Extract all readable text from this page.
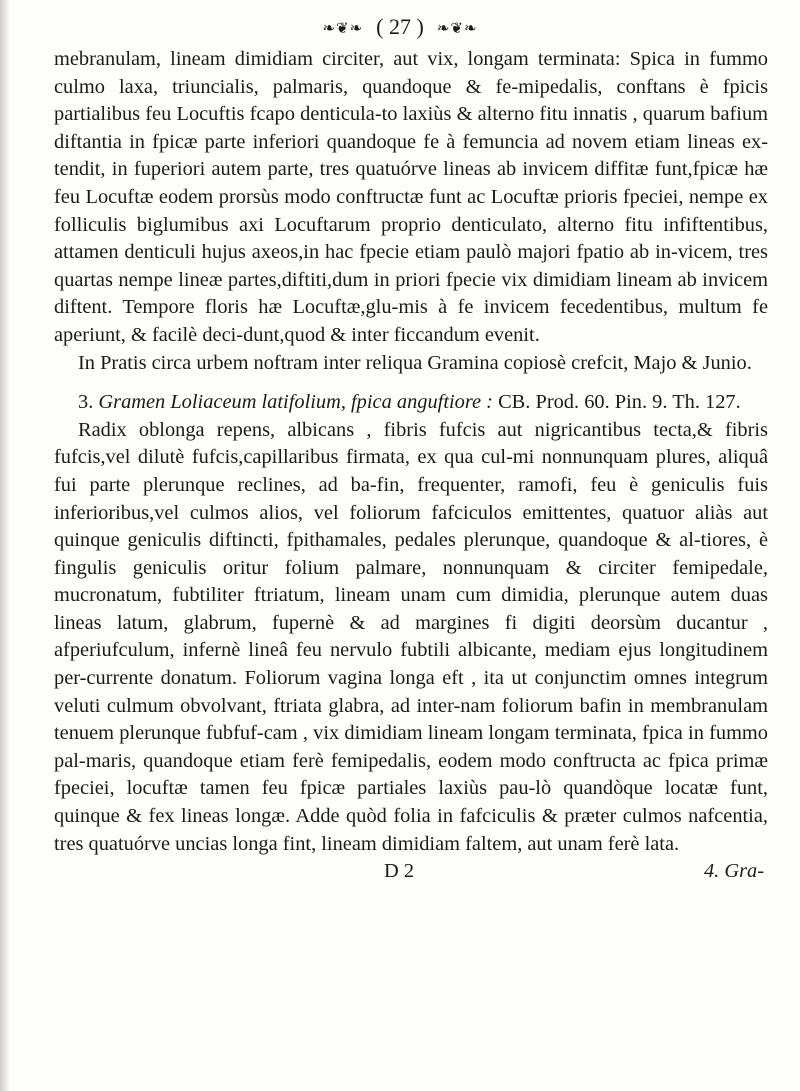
❧❦❧ ( 27 ) ❧❦❧

mebranulam, lineam dimidiam circiter, aut vix, longam terminata: Spica in fummo culmo laxa, triuncialis, palmaris, quandoque & fe-mipedalis, conftans è fpicis partialibus feu Locuftis fcapo denticula-to laxiùs & alterno fitu innatis , quarum bafium diftantia in fpicæ parte inferiori quandoque fe à femuncia ad novem etiam lineas ex-tendit, in fuperiori autem parte, tres quatuórve lineas ab invicem diffitæ funt,fpicæ hæ feu Locuftæ eodem prorsùs modo conftructæ funt ac Locuftæ prioris fpeciei, nempe ex folliculis biglumibus axi Locuftarum proprio denticulato, alterno fitu infiftentibus, attamen denticuli hujus axeos,in hac fpecie etiam paulò majori fpatio ab in-vicem, tres quartas nempe lineæ partes,diftiti,dum in priori fpecie vix dimidiam lineam ab invicem diftent. Tempore floris hæ Locuftæ,glu-mis à fe invicem fecedentibus, multum fe aperiunt, & facilè deci-dunt,quod & inter ficcandum evenit.

In Pratis circa urbem noftram inter reliqua Gramina copiosè crefcit, Majo & Junio.

3. Gramen Loliaceum latifolium, fpica anguftiore : CB. Prod. 60. Pin. 9. Th. 127.

Radix oblonga repens, albicans , fibris fufcis aut nigricantibus tecta,& fibris fufcis,vel dilutè fufcis,capillaribus firmata, ex qua cul-mi nonnunquam plures, aliquâ fui parte plerunque reclines, ad ba-fin, frequenter, ramofi, feu è geniculis fuis inferioribus,vel culmos alios, vel foliorum fafciculos emittentes, quatuor aliàs aut quinque geniculis diftincti, fpithamales, pedales plerunque, quandoque & al-tiores, è fingulis geniculis oritur folium palmare, nonnunquam & circiter femipedale, mucronatum, fubtiliter ftriatum, lineam unam cum dimidia, plerunque autem duas lineas latum, glabrum, fupernè & ad margines fi digiti deorsùm ducantur , afperiufculum, infernè lineâ feu nervulo fubtili albicante, mediam ejus longitudinem per-currente donatum. Foliorum vagina longa eft , ita ut conjunctim omnes integrum veluti culmum obvolvant, ftriata glabra, ad inter-nam foliorum bafin in membranulam tenuem plerunque fubfuf-cam , vix dimidiam lineam longam terminata, fpica in fummo pal-maris, quandoque etiam ferè femipedalis, eodem modo conftructa ac fpica primæ fpeciei, locuftæ tamen feu fpicæ partiales laxiùs pau-lò quandòque locatæ funt, quinque & fex lineas longæ. Adde quòd folia in fafciculis & præter culmos nafcentia, tres quatuórve uncias longa fint, lineam dimidiam faltem, aut unam ferè lata.

D 2	4. Gra-
